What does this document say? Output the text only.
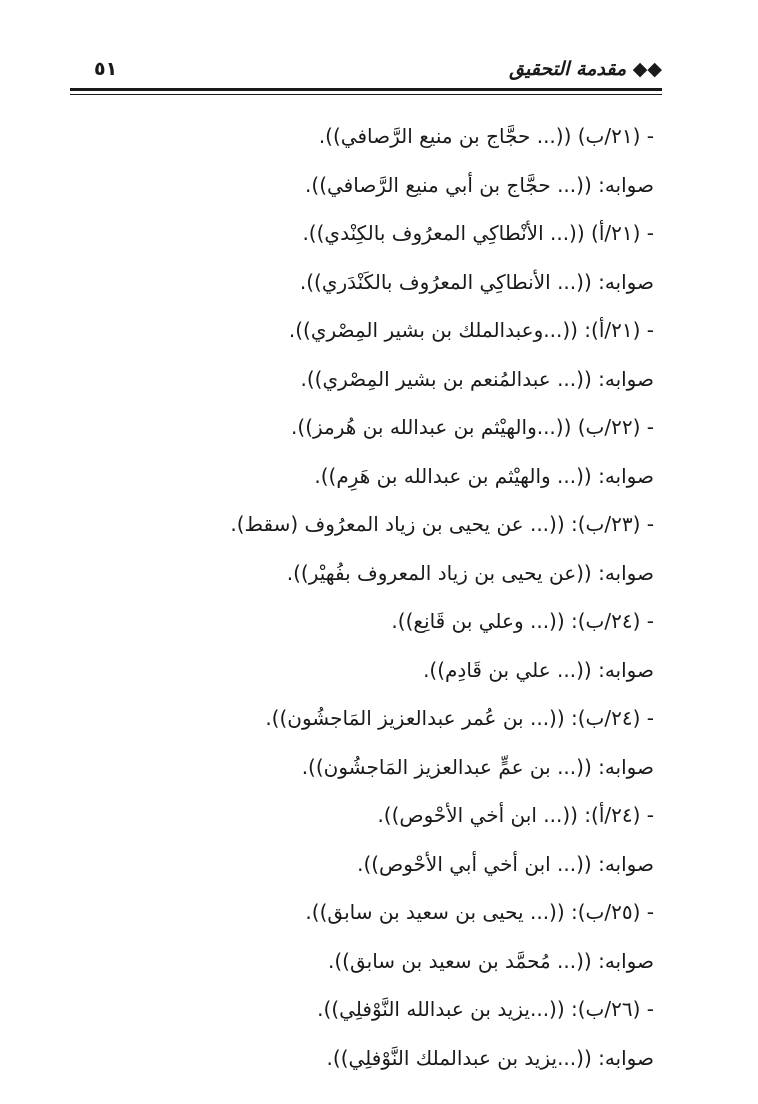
◆◆ مقدمة التحقيق
٥١
- (٢١/ب) ((... حجَّاج بن منيع الرَّصافي)).
صوابه: ((... حجَّاج بن أبي منيع الرَّصافي)).
- (٢١/أ) ((... الأنْطاكِي المعرُوف بالكِنْدي)).
صوابه: ((... الأنطاكِي المعرُوف بالكَنْدَري)).
- (٢١/أ): ((...وعبدالملك بن بشير المِصْري)).
صوابه: ((... عبدالمُنعم بن بشير المِصْري)).
- (٢٢/ب) ((...والهيْثم بن عبدالله بن هُرمز)).
صوابه: ((... والهيْثم بن عبدالله بن هَرِم)).
- (٢٣/ب): ((... عن يحيى بن زياد المعرُوف (سقط).
صوابه: ((عن يحيى بن زياد المعروف بفُهيْر)).
- (٢٤/ب): ((... وعلي بن قَانِع)).
صوابه: ((... علي بن قَادِم)).
- (٢٤/ب): ((... بن عُمر عبدالعزيز المَاجشُون)).
صوابه: ((... بن عمٍّ عبدالعزيز المَاجشُون)).
- (٢٤/أ): ((... ابن أخي الأحْوص)).
صوابه: ((... ابن أخي أبي الأحْوص)).
- (٢٥/ب): ((... يحيى بن سعيد بن سابق)).
صوابه: ((... مُحمَّد بن سعيد بن سابق)).
- (٢٦/ب): ((...يزيد بن عبدالله النَّوْفلِي)).
صوابه: ((...يزيد بن عبدالملك النَّوْفلِي)).
